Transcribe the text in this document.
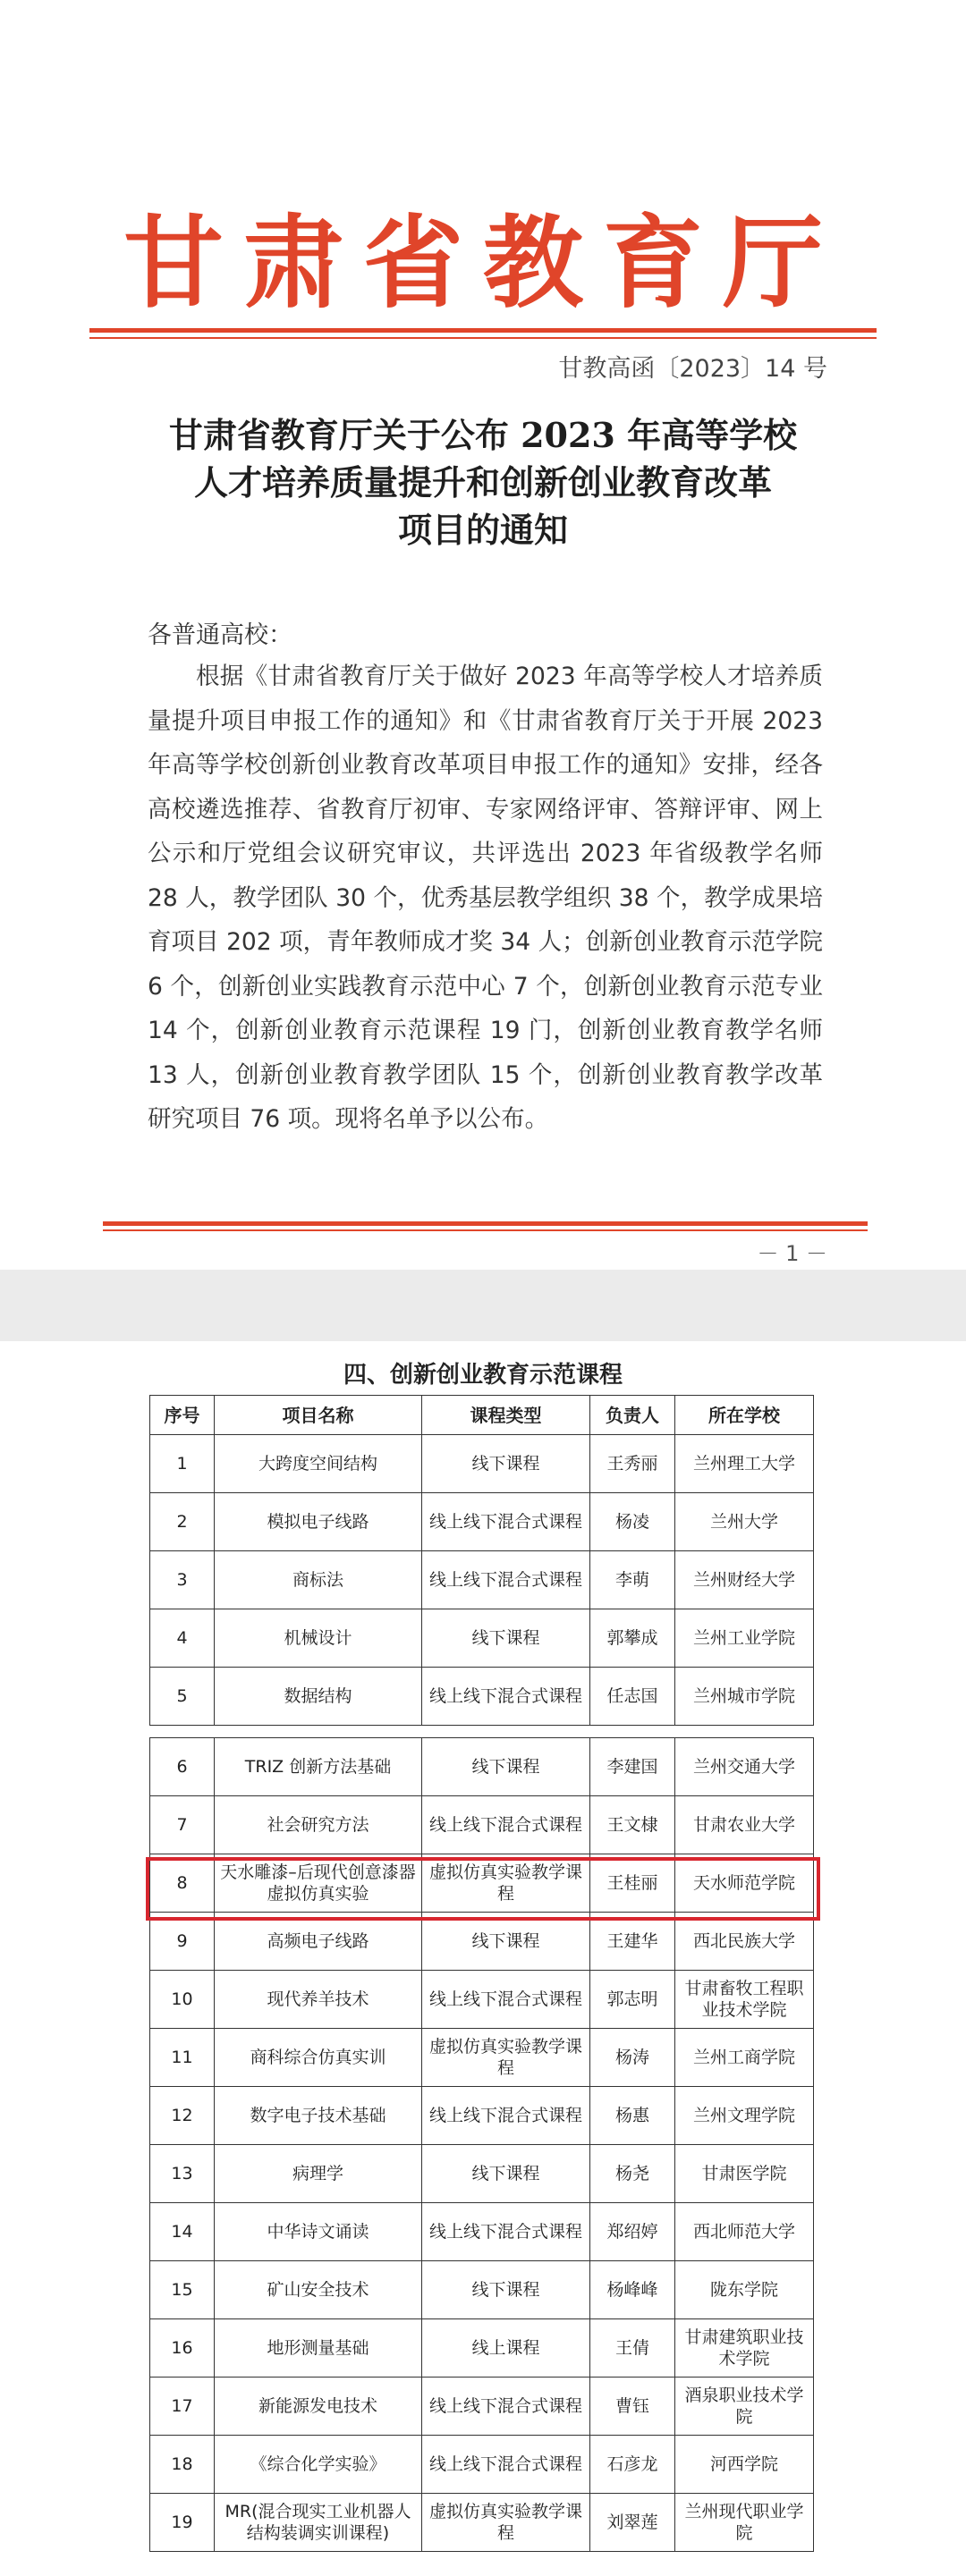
甘肃省教育厅
甘教高函〔2023〕14 号
甘肃省教育厅关于公布 2023 年高等学校
人才培养质量提升和创新创业教育改革
项目的通知
各普通高校：
根据《甘肃省教育厅关于做好 2023 年高等学校人才培养质量提升项目申报工作的通知》和《甘肃省教育厅关于开展 2023 年高等学校创新创业教育改革项目申报工作的通知》安排，经各高校遴选推荐、省教育厅初审、专家网络评审、答辩评审、网上公示和厅党组会议研究审议，共评选出 2023 年省级教学名师 28 人，教学团队 30 个，优秀基层教学组织 38 个，教学成果培育项目 202 项，青年教师成才奖 34 人；创新创业教育示范学院 6 个，创新创业实践教育示范中心 7 个，创新创业教育示范专业 14 个，创新创业教育示范课程 19 门，创新创业教育教学名师 13 人，创新创业教育教学团队 15 个，创新创业教育教学改革研究项目 76 项。现将名单予以公布。
－ 1 －
四、创新创业教育示范课程
序号	项目名称	课程类型	负责人	所在学校
1	大跨度空间结构	线下课程	王秀丽	兰州理工大学
2	模拟电子线路	线上线下混合式课程	杨凌	兰州大学
3	商标法	线上线下混合式课程	李萌	兰州财经大学
4	机械设计	线下课程	郭攀成	兰州工业学院
5	数据结构	线上线下混合式课程	任志国	兰州城市学院
6	TRIZ 创新方法基础	线下课程	李建国	兰州交通大学
7	社会研究方法	线上线下混合式课程	王文棣	甘肃农业大学
8	天水雕漆–后现代创意漆器虚拟仿真实验	虚拟仿真实验教学课程	王桂丽	天水师范学院
9	高频电子线路	线下课程	王建华	西北民族大学
10	现代养羊技术	线上线下混合式课程	郭志明	甘肃畜牧工程职业技术学院
11	商科综合仿真实训	虚拟仿真实验教学课程	杨涛	兰州工商学院
12	数字电子技术基础	线上线下混合式课程	杨惠	兰州文理学院
13	病理学	线下课程	杨尧	甘肃医学院
14	中华诗文诵读	线上线下混合式课程	郑绍婷	西北师范大学
15	矿山安全技术	线下课程	杨峰峰	陇东学院
16	地形测量基础	线上课程	王倩	甘肃建筑职业技术学院
17	新能源发电技术	线上线下混合式课程	曹钰	酒泉职业技术学院
18	《综合化学实验》	线上线下混合式课程	石彦龙	河西学院
19	MR(混合现实工业机器人结构装调实训课程)	虚拟仿真实验教学课程	刘翠莲	兰州现代职业学院
